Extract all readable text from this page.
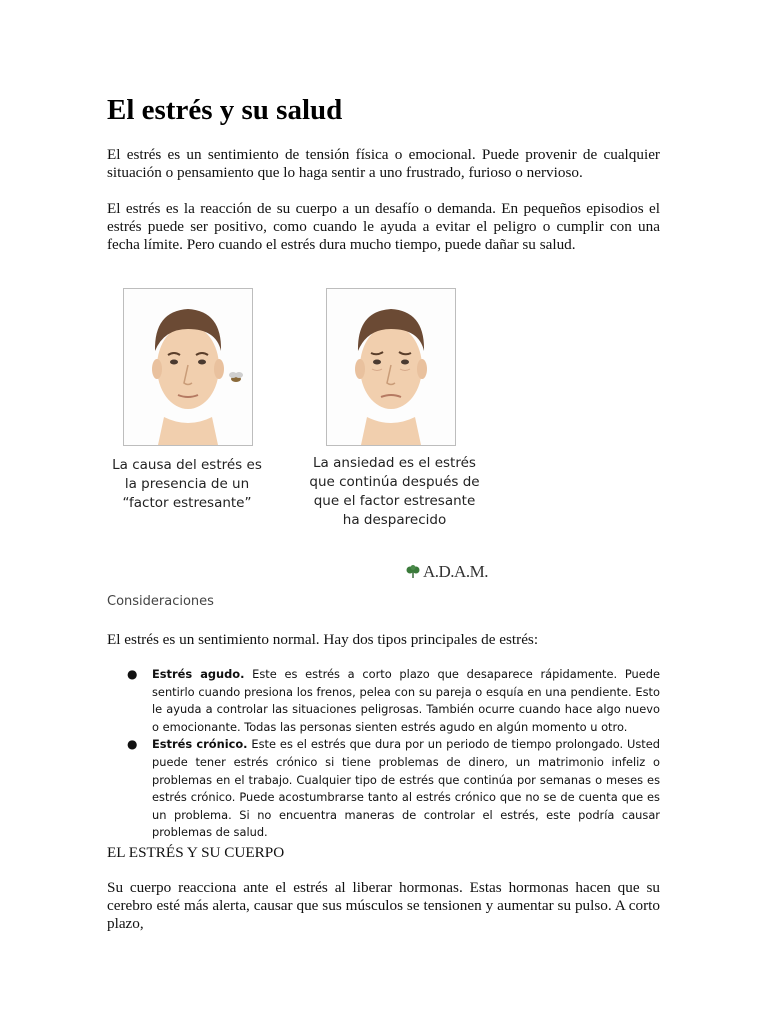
El estrés y su salud

El estrés es un sentimiento de tensión física o emocional. Puede provenir de cualquier situación o pensamiento que lo haga sentir a uno frustrado, furioso o nervioso.

El estrés es la reacción de su cuerpo a un desafío o demanda. En pequeños episodios el estrés puede ser positivo, como cuando le ayuda a evitar el peligro o cumplir con una fecha límite. Pero cuando el estrés dura mucho tiempo, puede dañar su salud.

La causa del estrés es la presencia de un “factor estresante”
La ansiedad es el estrés que continúa después de que el factor estresante ha desparecido
A.D.A.M.
Consideraciones

El estrés es un sentimiento normal. Hay dos tipos principales de estrés:

● Estrés agudo. Este es estrés a corto plazo que desaparece rápidamente. Puede sentirlo cuando presiona los frenos, pelea con su pareja o esquía en una pendiente. Esto le ayuda a controlar las situaciones peligrosas. También ocurre cuando hace algo nuevo o emocionante. Todas las personas sienten estrés agudo en algún momento u otro.
● Estrés crónico. Este es el estrés que dura por un periodo de tiempo prolongado. Usted puede tener estrés crónico si tiene problemas de dinero, un matrimonio infeliz o problemas en el trabajo. Cualquier tipo de estrés que continúa por semanas o meses es estrés crónico. Puede acostumbrarse tanto al estrés crónico que no se de cuenta que es un problema. Si no encuentra maneras de controlar el estrés, este podría causar problemas de salud.
EL ESTRÉS Y SU CUERPO

Su cuerpo reacciona ante el estrés al liberar hormonas. Estas hormonas hacen que su cerebro esté más alerta, causar que sus músculos se tensionen y aumentar su pulso. A corto plazo,
